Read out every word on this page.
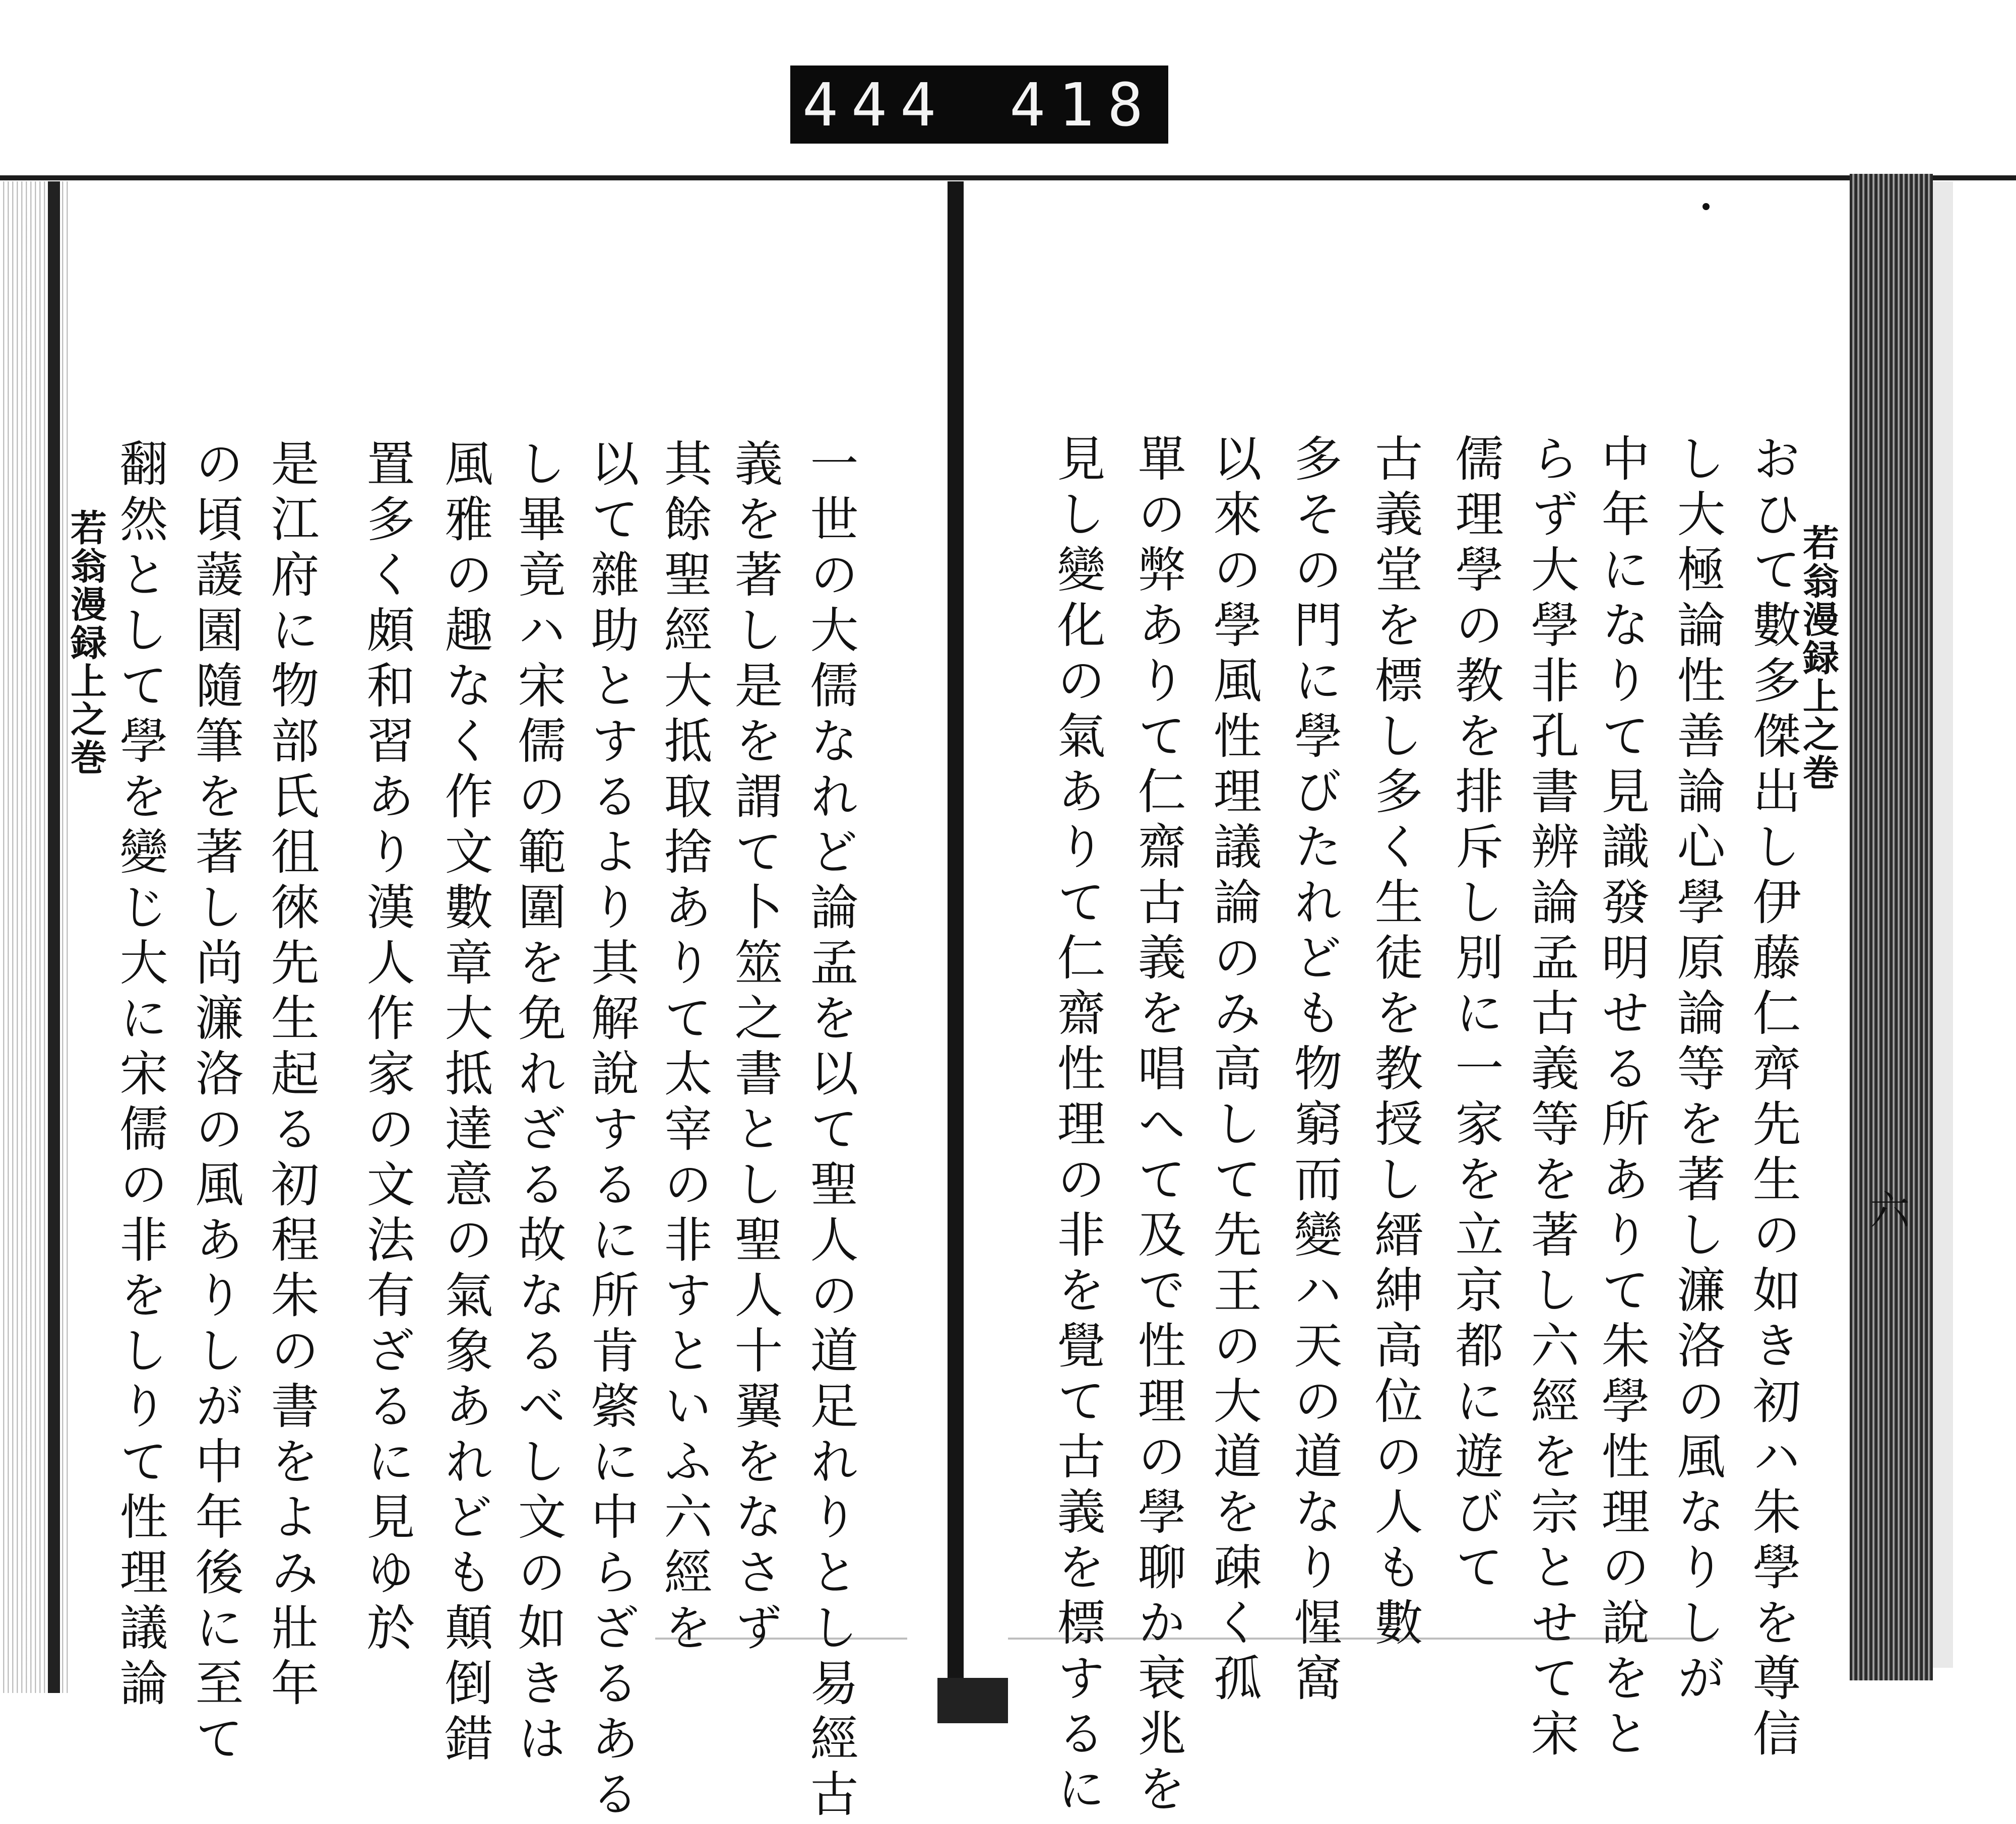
444 418
若翁漫録上之巻	一世の大儒なれど論孟を以て聖人の道足れりとし易經古
義を著し是を謂て卜筮之書とし聖人十翼をなさず
其餘聖經大抵取捨ありて太宰の非すといふ六經を
以て雜助とするより其解說するに所肯綮に中らざるある
し畢竟ハ宋儒の範圍を免れざる故なるべし文の如きは
風雅の趣なく作文數章大抵達意の氣象あれども顛倒錯
置多く頗和習あり漢人作家の文法有ざるに見ゆ於
是江府に物部氏徂徠先生起る初程朱の書をよみ壯年
の頃蘐園隨筆を著し尚濂洛の風ありしが中年後に至て
翻然として學を變じ大に宋儒の非をしりて性理議論	若翁漫録上之巻
おひて數多傑出し伊藤仁齊先生の如き初ハ朱學を尊信
し大極論性善論心學原論等を著し濂洛の風なりしが
中年になりて見識發明せる所ありて朱學性理の說をと
らず大學非孔書辨論孟古義等を著し六經を宗とせて宋
儒理學の教を排斥し別に一家を立京都に遊びて
古義堂を標し多く生徒を教授し縉紳高位の人も數
多その門に學びたれども物窮而變ハ天の道なり惺窩
以來の學風性理議論のみ高して先王の大道を疎く孤
單の弊ありて仁齋古義を唱へて及で性理の學聊か衰兆を
見し變化の氣ありて仁齋性理の非を覺て古義を標するに	六
